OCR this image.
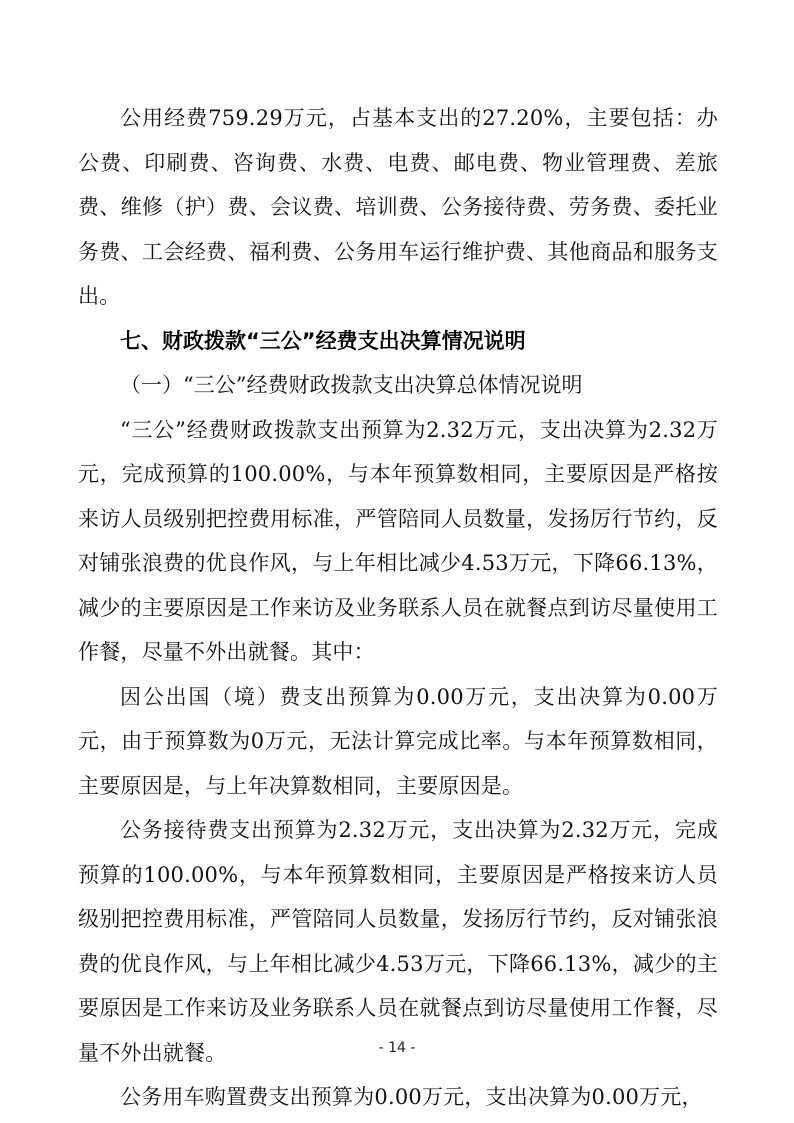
公用经费759.29万元，占基本支出的27.20%，主要包括：办公费、印刷费、咨询费、水费、电费、邮电费、物业管理费、差旅费、维修（护）费、会议费、培训费、公务接待费、劳务费、委托业务费、工会经费、福利费、公务用车运行维护费、其他商品和服务支出。

七、财政拨款“三公”经费支出决算情况说明

（一）“三公”经费财政拨款支出决算总体情况说明

“三公”经费财政拨款支出预算为2.32万元，支出决算为2.32万元，完成预算的100.00%，与本年预算数相同，主要原因是严格按来访人员级别把控费用标准，严管陪同人员数量，发扬厉行节约，反对铺张浪费的优良作风，与上年相比减少4.53万元，下降66.13%，减少的主要原因是工作来访及业务联系人员在就餐点到访尽量使用工作餐，尽量不外出就餐。其中：

因公出国（境）费支出预算为0.00万元，支出决算为0.00万元，由于预算数为0万元，无法计算完成比率。与本年预算数相同，主要原因是，与上年决算数相同，主要原因是。

公务接待费支出预算为2.32万元，支出决算为2.32万元，完成预算的100.00%，与本年预算数相同，主要原因是严格按来访人员级别把控费用标准，严管陪同人员数量，发扬厉行节约，反对铺张浪费的优良作风，与上年相比减少4.53万元，下降66.13%，减少的主要原因是工作来访及业务联系人员在就餐点到访尽量使用工作餐，尽量不外出就餐。

公务用车购置费支出预算为0.00万元，支出决算为0.00万元，

- 14 -
